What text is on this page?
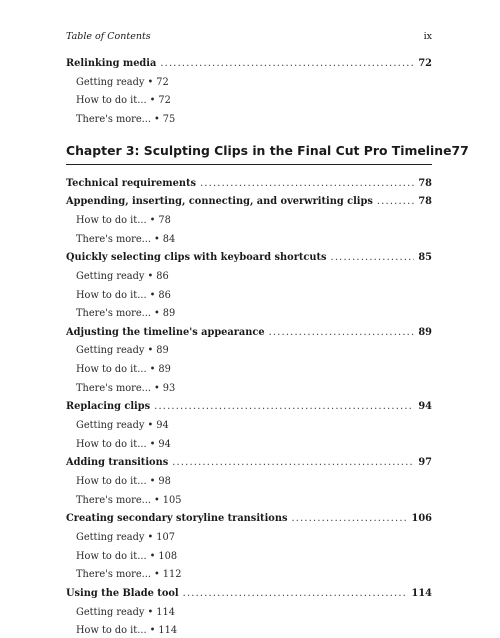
Table of Contents	ix
Relinking media .....	72
Getting ready • 72
How to do it... • 72
There's more... • 75
Chapter 3: Sculpting Clips in the Final Cut Pro Timeline 77
Technical requirements .....	78
Appending, inserting, connecting, and overwriting clips .....	78
How to do it... • 78
There's more... • 84
Quickly selecting clips with keyboard shortcuts .....	85
Getting ready • 86
How to do it... • 86
There's more... • 89
Adjusting the timeline's appearance .....	89
Getting ready • 89
How to do it... • 89
There's more... • 93
Replacing clips .....	94
Getting ready • 94
How to do it... • 94
Adding transitions .....	97
How to do it... • 98
There's more... • 105
Creating secondary storyline transitions .....	106
Getting ready • 107
How to do it... • 108
There's more... • 112
Using the Blade tool .....	114
Getting ready • 114
How to do it... • 114
